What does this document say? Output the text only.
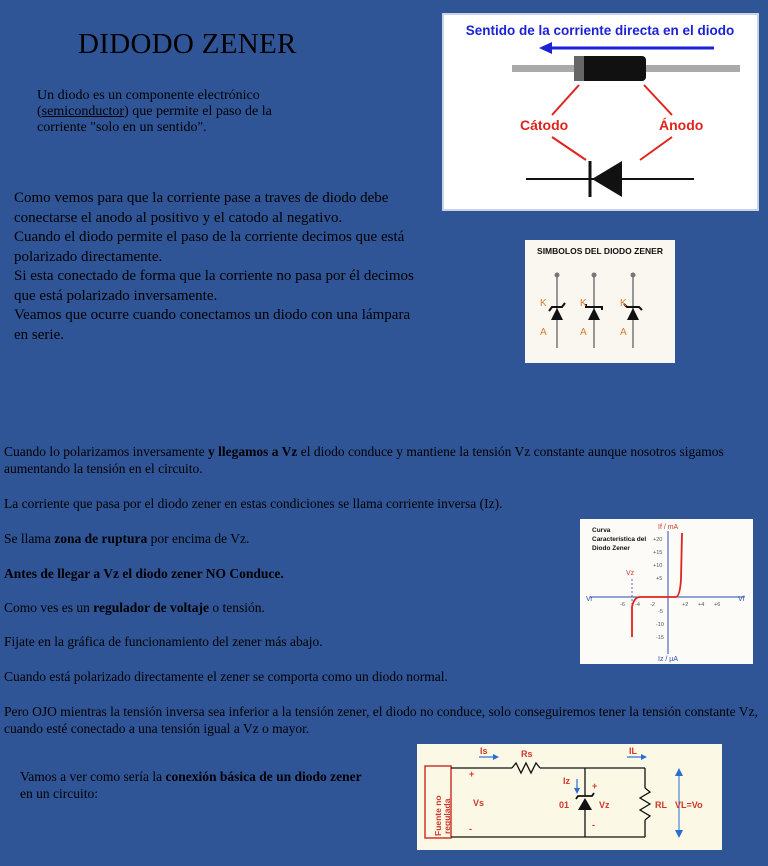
DIDODO ZENER
Un diodo es un componente electrónico (semiconductor) que permite el paso de la corriente "solo en un sentido".
Como vemos para que la corriente pase a traves de diodo debe conectarse el anodo al positivo y el catodo al negativo.
Cuando el diodo permite el paso de la corriente decimos que está polarizado directamente.
Si esta conectado de forma que la corriente no pasa por él decimos que está polarizado inversamente.
Veamos que ocurre cuando conectamos un diodo con una lámpara en serie.
Cuando lo polarizamos inversamente y llegamos a Vz el diodo conduce y mantiene la tensión Vz constante aunque nosotros sigamos aumentando la tensión en el circuito.
La corriente que pasa por el diodo zener en estas condiciones se llama corriente inversa (Iz).
Se llama zona de ruptura por encima de Vz.
Antes de llegar a Vz el diodo zener NO Conduce.
Como ves es un regulador de voltaje o tensión.
Fijate en la gráfica de funcionamiento del zener más abajo.
Cuando está polarizado directamente el zener se comporta como un diodo normal.
Pero OJO mientras la tensión inversa sea inferior a la tensión zener, el diodo no conduce, solo conseguiremos tener la tensión constante Vz, cuando esté conectado a una tensión igual a Vz o mayor.
Vamos a ver como sería la conexión básica de un diodo zener en un circuito:
Sentido de la corriente directa en el diodo
Cátodo	Ánodo
SIMBOLOS DEL DIODO ZENER
K
A
K
A
K
A
Curva
Característica del
Diodo Zener
If / mA
Iz / µA
Vr	Vf
Vz
+20
+15
+10
+5
-5
-10
-15
-6 -4 -2	+2 +4 +6
Fuente no regulada
Is	Rs	IL
Iz
Vs	01	Vz	RL VL=Vo
+
-
+
-
